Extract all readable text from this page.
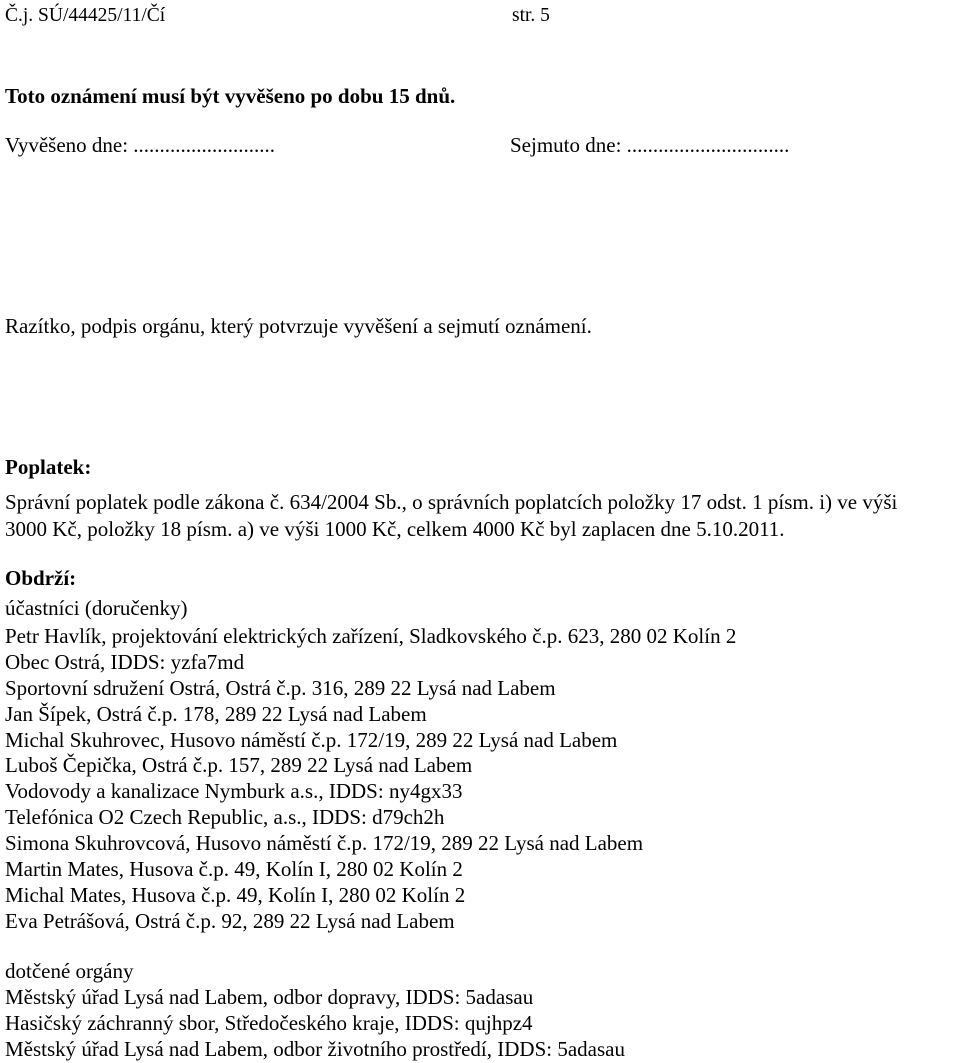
Č.j. SÚ/44425/11/Čí	str. 5
Toto oznámení musí být vyvěšeno po dobu 15 dnů.
Vyvěšeno dne: ...........................	Sejmuto dne: ...............................
Razítko, podpis orgánu, který potvrzuje vyvěšení a sejmutí oznámení.
Poplatek:
Správní poplatek podle zákona č. 634/2004 Sb., o správních poplatcích položky 17 odst. 1 písm. i) ve výši
3000 Kč, položky 18 písm. a) ve výši 1000 Kč, celkem 4000 Kč byl zaplacen dne 5.10.2011.
Obdrží:
účastníci (doručenky)
Petr Havlík, projektování elektrických zařízení, Sladkovského č.p. 623, 280 02 Kolín 2
Obec Ostrá, IDDS: yzfa7md
Sportovní sdružení Ostrá, Ostrá č.p. 316, 289 22 Lysá nad Labem
Jan Šípek, Ostrá č.p. 178, 289 22 Lysá nad Labem
Michal Skuhrovec, Husovo náměstí č.p. 172/19, 289 22 Lysá nad Labem
Luboš Čepička, Ostrá č.p. 157, 289 22 Lysá nad Labem
Vodovody a kanalizace Nymburk a.s., IDDS: ny4gx33
Telefónica O2 Czech Republic, a.s., IDDS: d79ch2h
Simona Skuhrovcová, Husovo náměstí č.p. 172/19, 289 22 Lysá nad Labem
Martin Mates, Husova č.p. 49, Kolín I, 280 02 Kolín 2
Michal Mates, Husova č.p. 49, Kolín I, 280 02 Kolín 2
Eva Petrášová, Ostrá č.p. 92, 289 22 Lysá nad Labem
dotčené orgány
Městský úřad Lysá nad Labem, odbor dopravy, IDDS: 5adasau
Hasičský záchranný sbor, Středočeského kraje, IDDS: qujhpz4
Městský úřad Lysá nad Labem, odbor životního prostředí, IDDS: 5adasau
